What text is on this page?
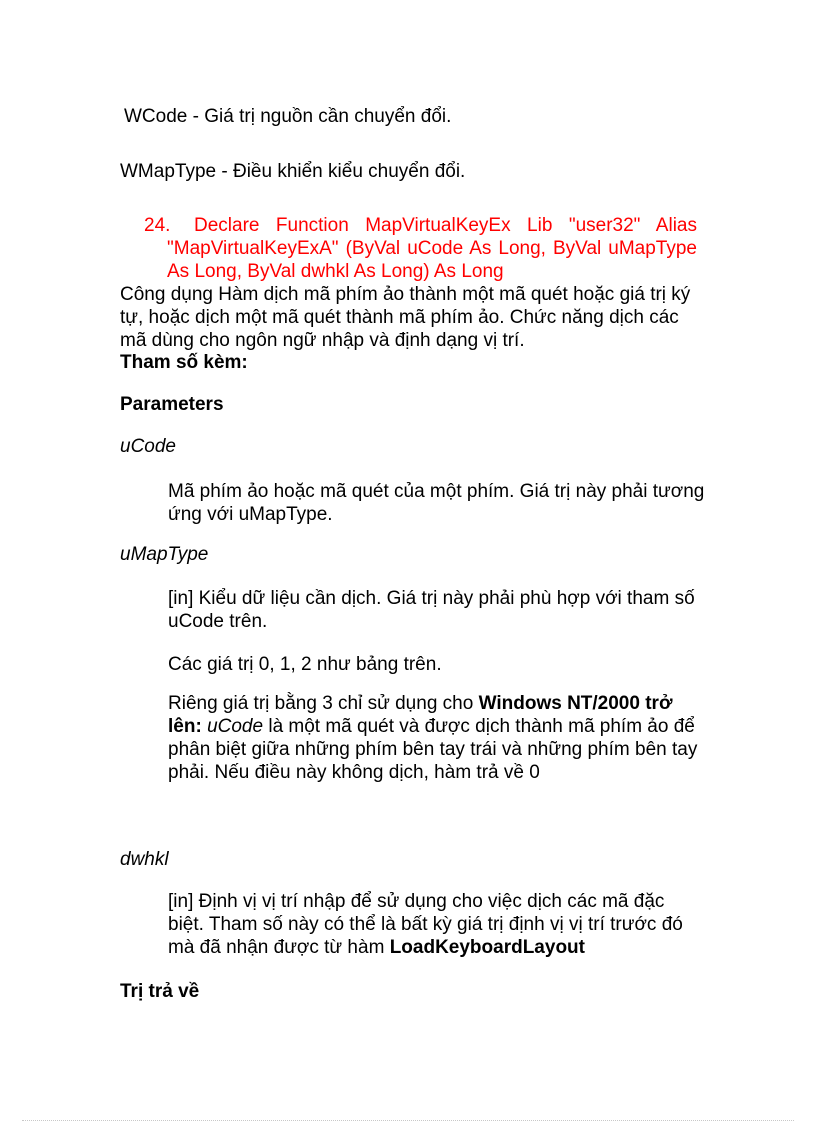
WCode - Giá trị nguồn cần chuyển đổi.
WMapType - Điều khiển kiểu chuyển đổi.
24. Declare Function MapVirtualKeyEx Lib "user32" Alias
"MapVirtualKeyExA" (ByVal uCode As Long, ByVal uMapType
As Long, ByVal dwhkl As Long) As Long
Công dụng Hàm dịch mã phím ảo thành một mã quét hoặc giá trị ký
tự, hoặc dịch một mã quét thành mã phím ảo. Chức năng dịch các
mã dùng cho ngôn ngữ nhập và định dạng vị trí.
Tham số kèm:
Parameters
uCode
Mã phím ảo hoặc mã quét của một phím. Giá trị này phải tương
ứng với uMapType.
uMapType
[in] Kiểu dữ liệu cần dịch. Giá trị này phải phù hợp với tham số
uCode trên.
Các giá trị 0, 1, 2 như bảng trên.
Riêng giá trị bằng 3 chỉ sử dụng cho Windows NT/2000 trở
lên: uCode là một mã quét và được dịch thành mã phím ảo để
phân biệt giữa những phím bên tay trái và những phím bên tay
phải. Nếu điều này không dịch, hàm trả về 0
dwhkl
[in] Định vị vị trí nhập để sử dụng cho việc dịch các mã đặc
biệt. Tham số này có thể là bất kỳ giá trị định vị vị trí trước đó
mà đã nhận được từ hàm LoadKeyboardLayout
Trị trả về
